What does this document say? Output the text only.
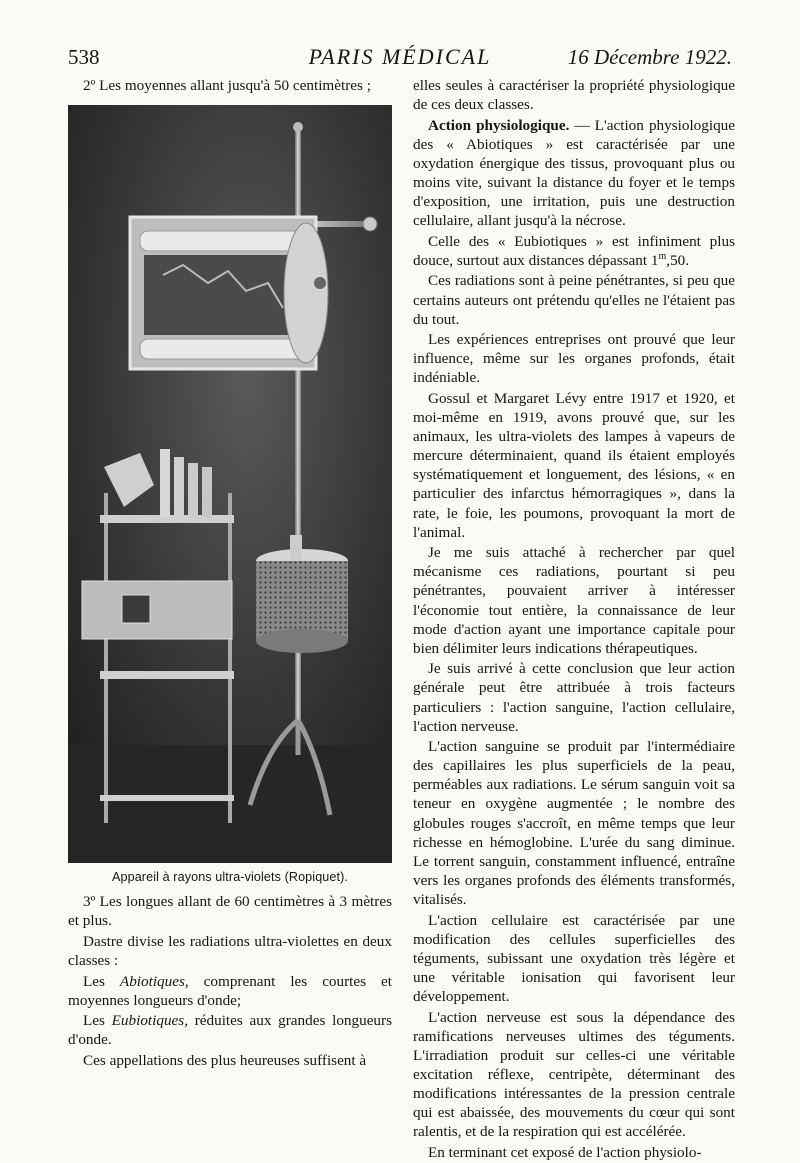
538	PARIS MÉDICAL	16 Décembre 1922.

2º Les moyennes allant jusqu'à 50 centimètres ;

Appareil à rayons ultra-violets (Ropiquet).

3º Les longues allant de 60 centimètres à 3 mètres et plus.

Dastre divise les radiations ultra-violettes en deux classes :

Les Abiotiques, comprenant les courtes et moyennes longueurs d'onde;

Les Eubiotiques, réduites aux grandes longueurs d'onde.

Ces appellations des plus heureuses suffisent à

elles seules à caractériser la propriété physiologique de ces deux classes.

Action physiologique. — L'action physiologique des « Abiotiques » est caractérisée par une oxydation énergique des tissus, provoquant plus ou moins vite, suivant la distance du foyer et le temps d'exposition, une irritation, puis une destruction cellulaire, allant jusqu'à la nécrose.

Celle des « Eubiotiques » est infiniment plus douce, surtout aux distances dépassant 1$^m$,50.

Ces radiations sont à peine pénétrantes, si peu que certains auteurs ont prétendu qu'elles ne l'étaient pas du tout.

Les expériences entreprises ont prouvé que leur influence, même sur les organes profonds, était indéniable.

Gossul et Margaret Lévy entre 1917 et 1920, et moi-même en 1919, avons prouvé que, sur les animaux, les ultra-violets des lampes à vapeurs de mercure déterminaient, quand ils étaient employés systématiquement et longuement, des lésions, « en particulier des infarctus hémorragiques », dans la rate, le foie, les poumons, provoquant la mort de l'animal.

Je me suis attaché à rechercher par quel mécanisme ces radiations, pourtant si peu pénétrantes, pouvaient arriver à intéresser l'économie tout entière, la connaissance de leur mode d'action ayant une importance capitale pour bien délimiter leurs indications thérapeutiques.

Je suis arrivé à cette conclusion que leur action générale peut être attribuée à trois facteurs particuliers : l'action sanguine, l'action cellulaire, l'action nerveuse.

L'action sanguine se produit par l'intermédiaire des capillaires les plus superficiels de la peau, perméables aux radiations. Le sérum sanguin voit sa teneur en oxygène augmentée ; le nombre des globules rouges s'accroît, en même temps que leur richesse en hémoglobine. L'urée du sang diminue. Le torrent sanguin, constamment influencé, entraîne vers les organes profonds des éléments transformés, vitalisés.

L'action cellulaire est caractérisée par une modification des cellules superficielles des téguments, subissant une oxydation très légère et une véritable ionisation qui favorisent leur développement.

L'action nerveuse est sous la dépendance des ramifications nerveuses ultimes des téguments. L'irradiation produit sur celles-ci une véritable excitation réflexe, centripète, déterminant des modifications intéressantes de la pression centrale qui est abaissée, des mouvements du cœur qui sont ralentis, et de la respiration qui est accélérée.

En terminant cet exposé de l'action physiolo-
